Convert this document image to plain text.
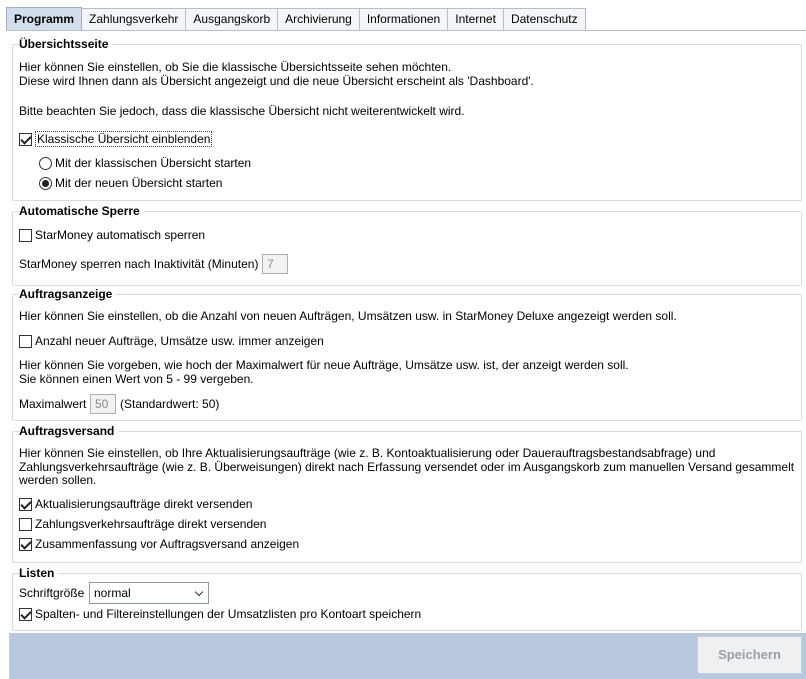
Programm	Zahlungsverkehr	Ausgangskorb	Archivierung	Informationen	Internet	Datenschutz
Übersichtsseite
Hier können Sie einstellen, ob Sie die klassische Übersichtsseite sehen möchten.
Diese wird Ihnen dann als Übersicht angezeigt und die neue Übersicht erscheint als 'Dashboard'.
Bitte beachten Sie jedoch, dass die klassische Übersicht nicht weiterentwickelt wird.
Klassische Übersicht einblenden
Mit der klassischen Übersicht starten
Mit der neuen Übersicht starten
Automatische Sperre
StarMoney automatisch sperren
StarMoney sperren nach Inaktivität (Minuten) 7
Auftragsanzeige
Hier können Sie einstellen, ob die Anzahl von neuen Aufträgen, Umsätzen usw. in StarMoney Deluxe angezeigt werden soll.
Anzahl neuer Aufträge, Umsätze usw. immer anzeigen
Hier können Sie vorgeben, wie hoch der Maximalwert für neue Aufträge, Umsätze usw. ist, der anzeigt werden soll.
Sie können einen Wert von 5 - 99 vergeben.
Maximalwert 50 (Standardwert: 50)
Auftragsversand
Hier können Sie einstellen, ob Ihre Aktualisierungsaufträge (wie z. B. Kontoaktualisierung oder Dauerauftragsbestandsabfrage) und
Zahlungsverkehrsaufträge (wie z. B. Überweisungen) direkt nach Erfassung versendet oder im Ausgangskorb zum manuellen Versand gesammelt
werden sollen.
Aktualisierungsaufträge direkt versenden
Zahlungsverkehrsaufträge direkt versenden
Zusammenfassung vor Auftragsversand anzeigen
Listen
Schriftgröße normal
Spalten- und Filtereinstellungen der Umsatzlisten pro Kontoart speichern
Speichern
